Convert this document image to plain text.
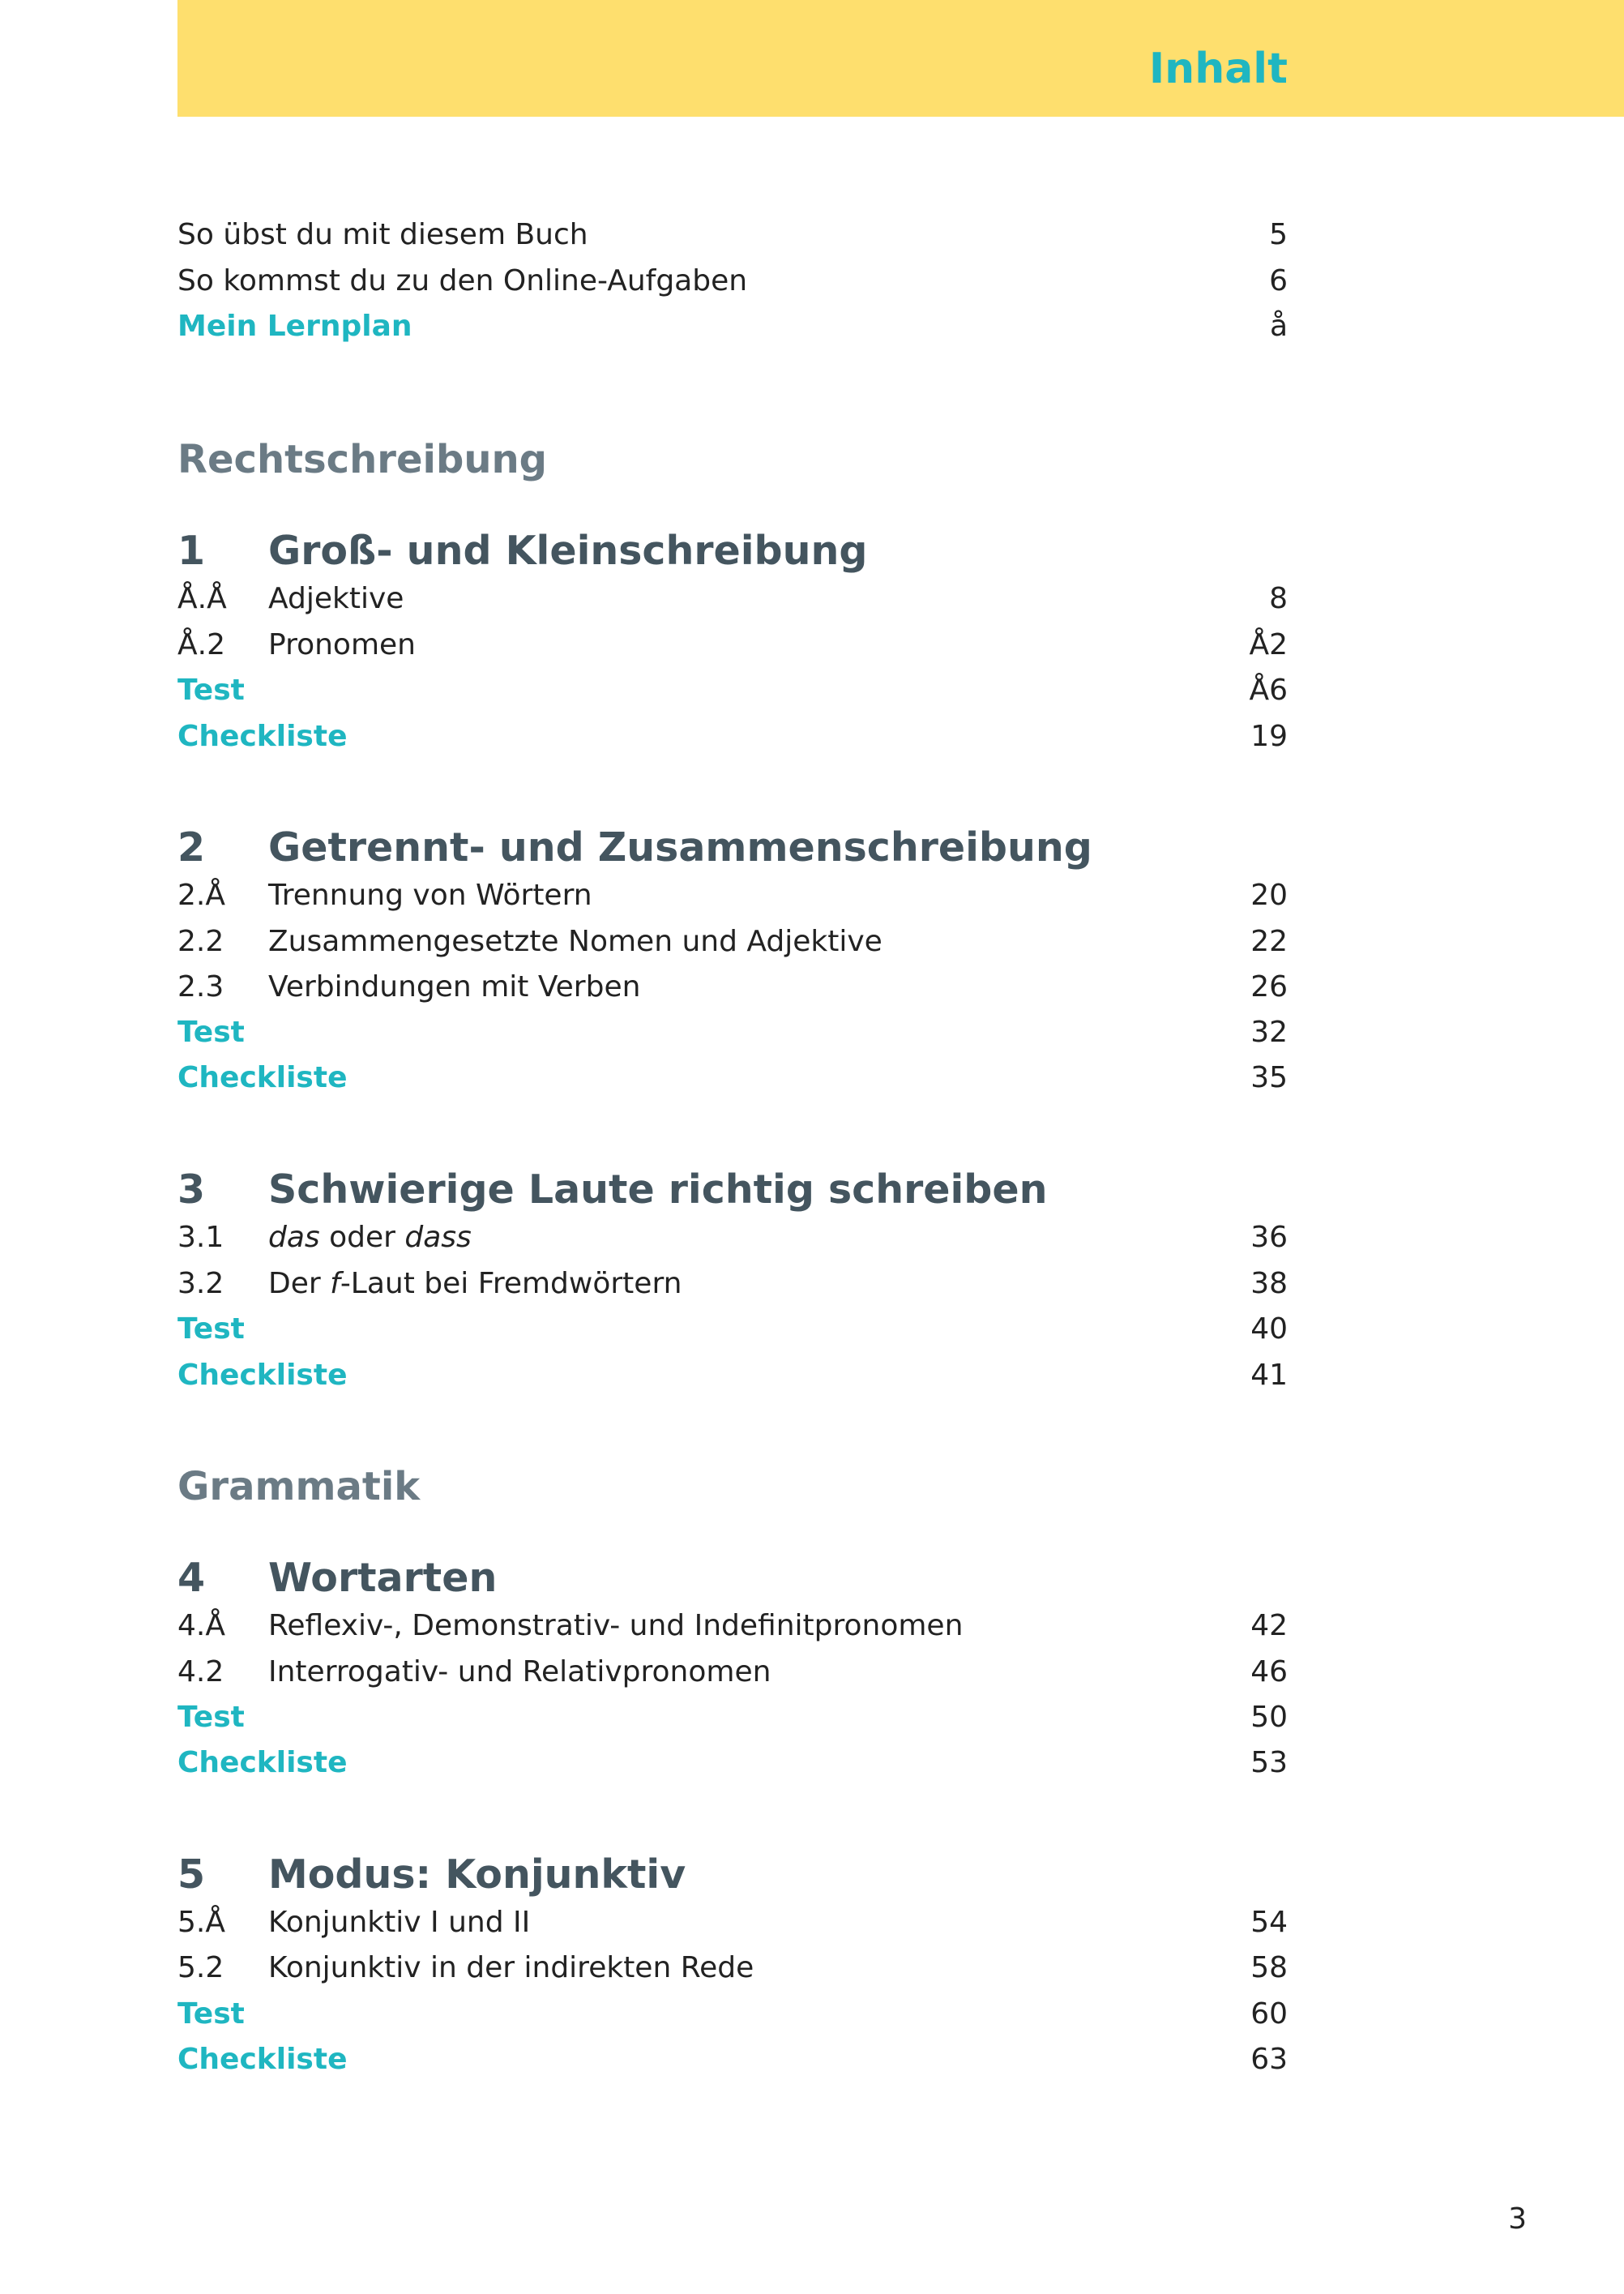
Inhalt
So übst du mit diesem Buch	5
So kommst du zu den Online-Aufgaben	6
Mein Lernplan	å
Rechtschreibung
1 Groß- und Kleinschreibung
Å.Å Adjektive	8
Å.2 Pronomen	Å2
Test	Å6
Checkliste	19
2 Getrennt- und Zusammenschreibung
2.Å Trennung von Wörtern	20
2.2 Zusammengesetzte Nomen und Adjektive	22
2.3 Verbindungen mit Verben	26
Test	32
Checkliste	35
3 Schwierige Laute richtig schreiben
3.1 das oder dass	36
3.2 Der f-Laut bei Fremdwörtern	38
Test	40
Checkliste	41
Grammatik
4 Wortarten
4.Å Reflexiv-, Demonstrativ- und Indefinitpronomen	42
4.2 Interrogativ- und Relativpronomen	46
Test	50
Checkliste	53
5 Modus: Konjunktiv
5.Å Konjunktiv I und II	54
5.2 Konjunktiv in der indirekten Rede	58
Test	60
Checkliste	63
3
